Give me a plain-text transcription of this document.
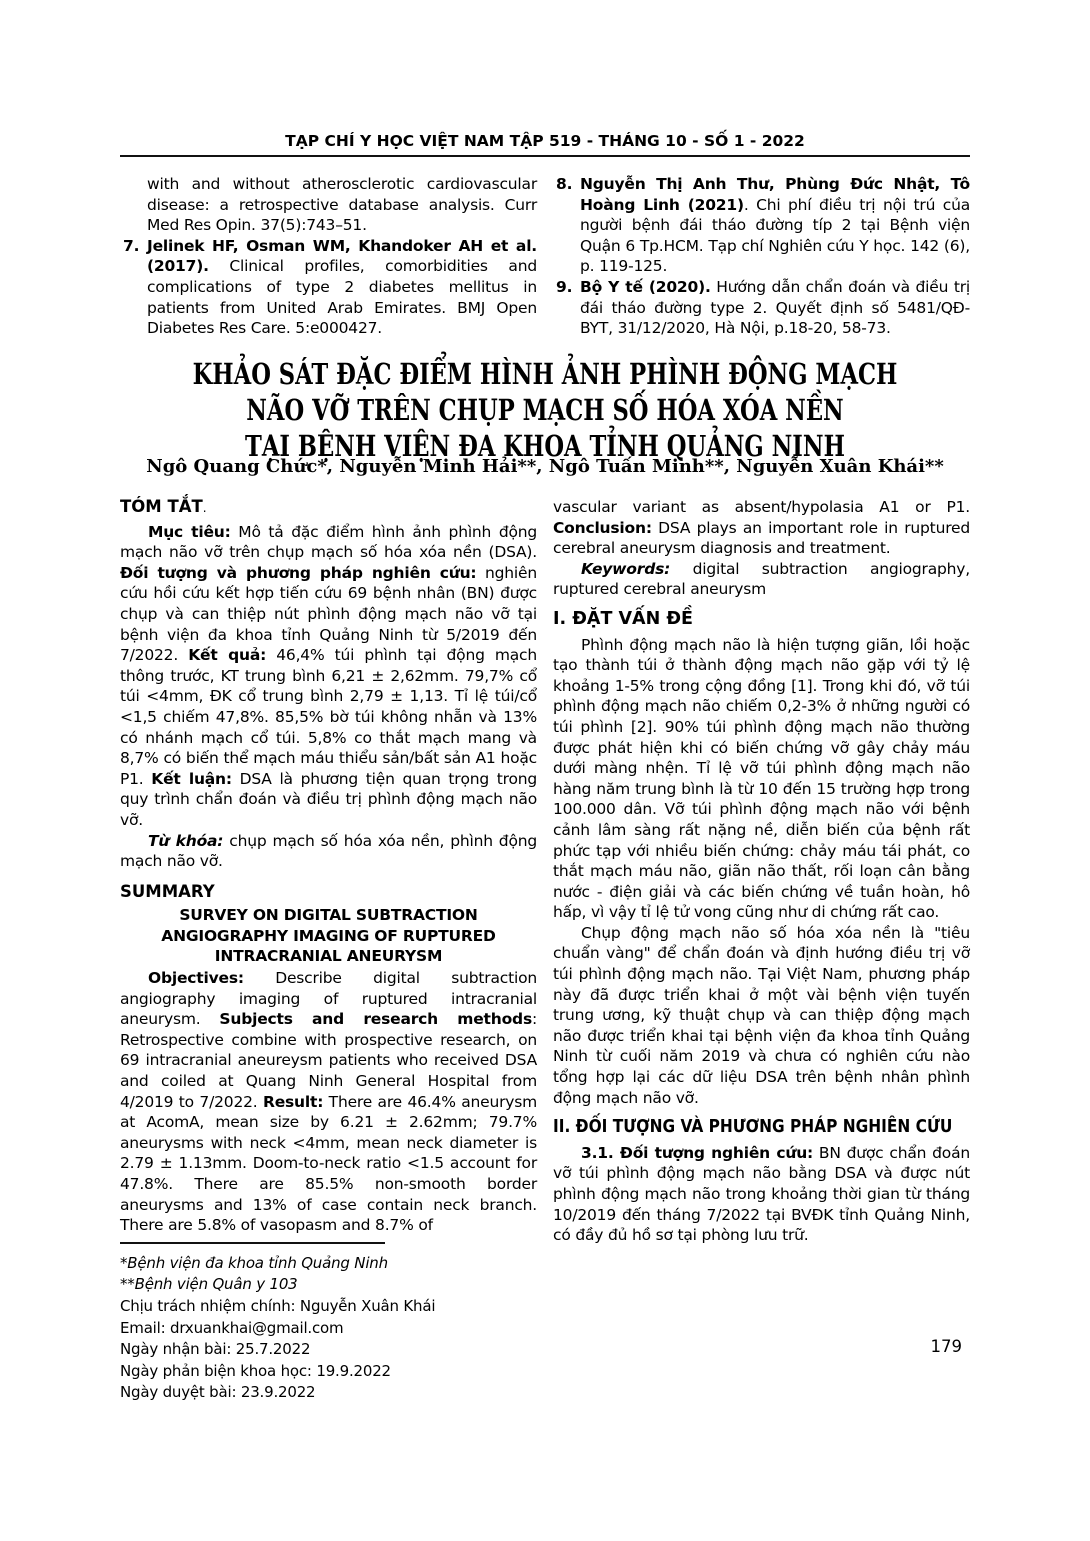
TẠP CHÍ Y HỌC VIỆT NAM TẬP 519 - THÁNG 10 - SỐ 1 - 2022
with and without atherosclerotic cardiovascular disease: a retrospective database analysis. Curr Med Res Opin. 37(5):743–51.
7. Jelinek HF, Osman WM, Khandoker AH et al. (2017). Clinical profiles, comorbidities and complications of type 2 diabetes mellitus in patients from United Arab Emirates. BMJ Open Diabetes Res Care. 5:e000427.
8. Nguyễn Thị Anh Thư, Phùng Đức Nhật, Tô Hoàng Linh (2021). Chi phí điều trị nội trú của người bệnh đái tháo đường típ 2 tại Bệnh viện Quận 6 Tp.HCM. Tạp chí Nghiên cứu Y học. 142 (6), p. 119-125.
9. Bộ Y tế (2020). Hướng dẫn chẩn đoán và điều trị đái tháo đường type 2. Quyết định số 5481/QĐ-BYT, 31/12/2020, Hà Nội, p.18-20, 58-73.
KHẢO SÁT ĐẶC ĐIỂM HÌNH ẢNH PHÌNH ĐỘNG MẠCH
NÃO VỠ TRÊN CHỤP MẠCH SỐ HÓA XÓA NỀN
TẠI BỆNH VIỆN ĐA KHOA TỈNH QUẢNG NINH
Ngô Quang Chức*, Nguyễn Minh Hải**, Ngô Tuấn Minh**, Nguyễn Xuân Khái**
TÓM TẮT.

Mục tiêu: Mô tả đặc điểm hình ảnh phình động mạch não vỡ trên chụp mạch số hóa xóa nền (DSA). Đối tượng và phương pháp nghiên cứu: nghiên cứu hồi cứu kết hợp tiến cứu 69 bệnh nhân (BN) được chụp và can thiệp nút phình động mạch não vỡ tại bệnh viện đa khoa tỉnh Quảng Ninh từ 5/2019 đến 7/2022. Kết quả: 46,4% túi phình tại động mạch thông trước, KT trung bình 6,21 ± 2,62mm. 79,7% cổ túi <4mm, ĐK cổ trung bình 2,79 ± 1,13. Tỉ lệ túi/cổ <1,5 chiếm 47,8%. 85,5% bờ túi không nhẵn và 13% có nhánh mạch cổ túi. 5,8% co thắt mạch mang và 8,7% có biến thể mạch máu thiểu sản/bất sản A1 hoặc P1. Kết luận: DSA là phương tiện quan trọng trong quy trình chẩn đoán và điều trị phình động mạch não vỡ.

Từ khóa: chụp mạch số hóa xóa nền, phình động mạch não vỡ.

SUMMARY
SURVEY ON DIGITAL SUBTRACTION ANGIOGRAPHY IMAGING OF RUPTURED INTRACRANIAL ANEURYSM

Objectives: Describe digital subtraction angiography imaging of ruptured intracranial aneurysm. Subjects and research methods: Retrospective combine with prospective research, on 69 intracranial aneureysm patients who received DSA and coiled at Quang Ninh General Hospital from 4/2019 to 7/2022. Result: There are 46.4% aneurysm at AcomA, mean size by 6.21 ± 2.62mm; 79.7% aneurysms with neck <4mm, mean neck diameter is 2.79 ± 1.13mm. Doom-to-neck ratio <1.5 account for 47.8%. There are 85.5% non-smooth border aneurysms and 13% of case contain neck branch. There are 5.8% of vasopasm and 8.7% of

*Bệnh viện đa khoa tỉnh Quảng Ninh
**Bệnh viện Quân y 103
Chịu trách nhiệm chính: Nguyễn Xuân Khái
Email: drxuankhai@gmail.com
Ngày nhận bài: 25.7.2022
Ngày phản biện khoa học: 19.9.2022
Ngày duyệt bài: 23.9.2022

vascular variant as absent/hypolasia A1 or P1. Conclusion: DSA plays an important role in ruptured cerebral aneurysm diagnosis and treatment.

Keywords: digital subtraction angiography, ruptured cerebral aneurysm

I. ĐẶT VẤN ĐỀ

Phình động mạch não là hiện tượng giãn, lồi hoặc tạo thành túi ở thành động mạch não gặp với tỷ lệ khoảng 1-5% trong cộng đồng [1]. Trong khi đó, vỡ túi phình động mạch não chiếm 0,2-3% ở những người có túi phình [2]. 90% túi phình động mạch não thường được phát hiện khi có biến chứng vỡ gây chảy máu dưới màng nhện. Tỉ lệ vỡ túi phình động mạch não hàng năm trung bình là từ 10 đến 15 trường hợp trong 100.000 dân. Vỡ túi phình động mạch não với bệnh cảnh lâm sàng rất nặng nề, diễn biến của bệnh rất phức tạp với nhiều biến chứng: chảy máu tái phát, co thắt mạch máu não, giãn não thất, rối loạn cân bằng nước - điện giải và các biến chứng về tuần hoàn, hô hấp, vì vậy tỉ lệ tử vong cũng như di chứng rất cao.

Chụp động mạch não số hóa xóa nền là "tiêu chuẩn vàng" để chẩn đoán và định hướng điều trị vỡ túi phình động mạch não. Tại Việt Nam, phương pháp này đã được triển khai ở một vài bệnh viện tuyến trung ương, kỹ thuật chụp và can thiệp động mạch não được triển khai tại bệnh viện đa khoa tỉnh Quảng Ninh từ cuối năm 2019 và chưa có nghiên cứu nào tổng hợp lại các dữ liệu DSA trên bệnh nhân phình động mạch não vỡ.

II. ĐỐI TƯỢNG VÀ PHƯƠNG PHÁP NGHIÊN CỨU

3.1. Đối tượng nghiên cứu: BN được chẩn đoán vỡ túi phình động mạch não bằng DSA và được nút phình động mạch não trong khoảng thời gian từ tháng 10/2019 đến tháng 7/2022 tại BVĐK tỉnh Quảng Ninh, có đầy đủ hồ sơ tại phòng lưu trữ.

179
